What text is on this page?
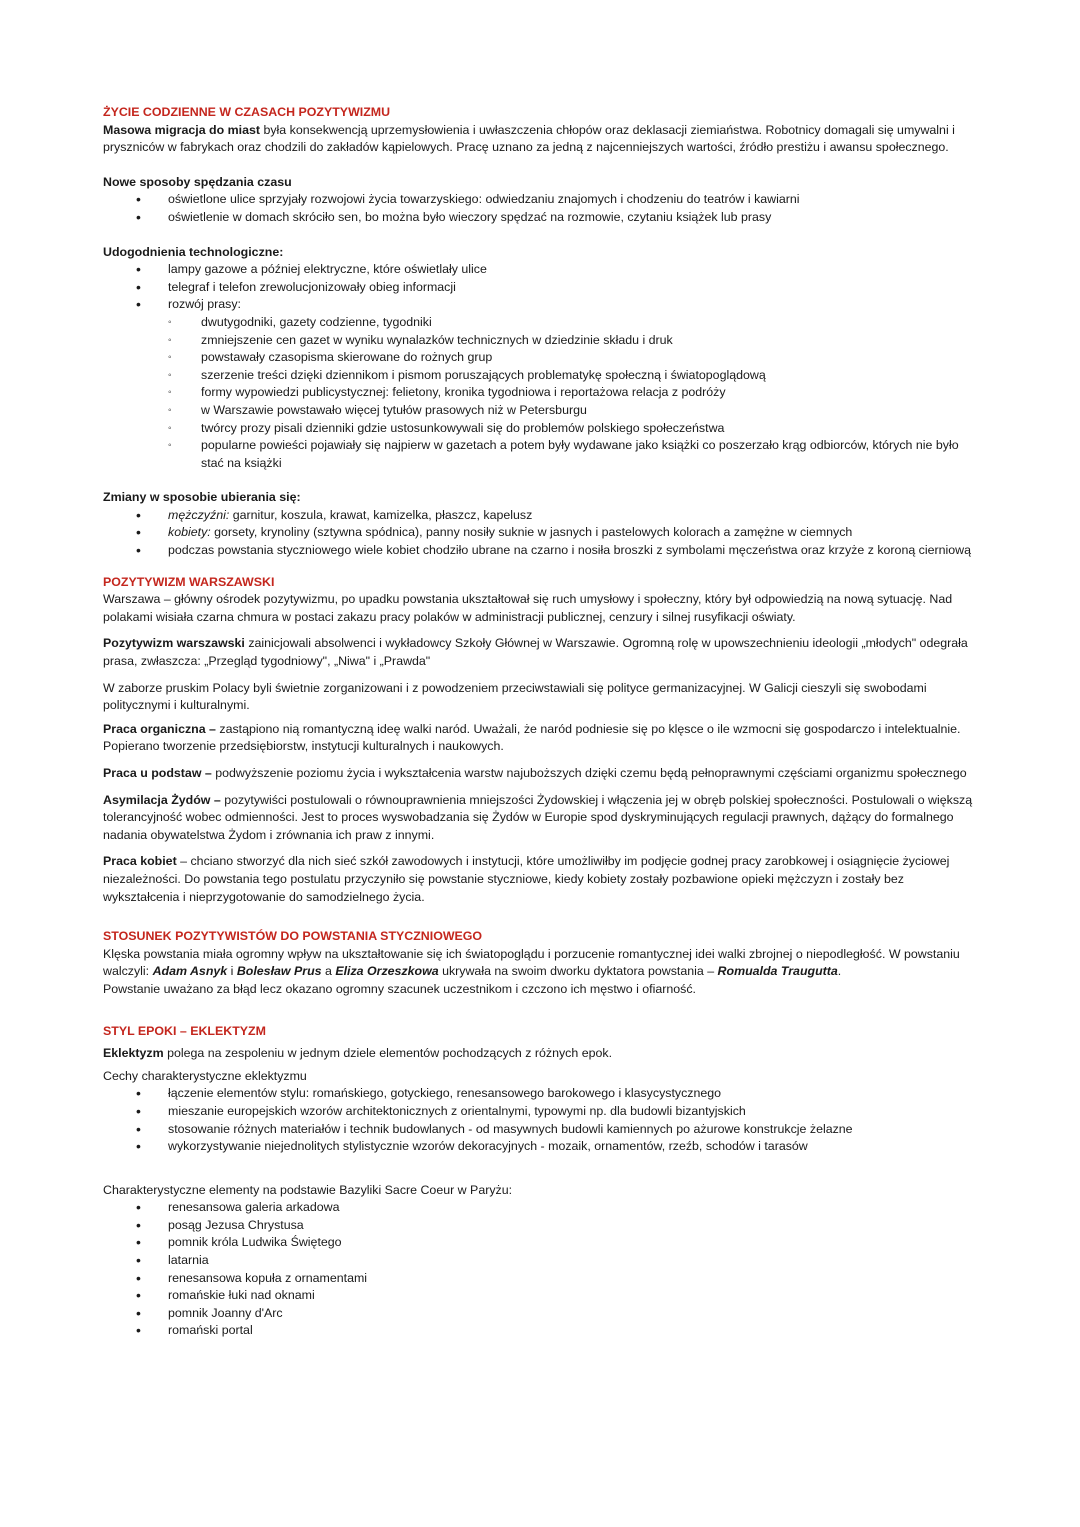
ŻYCIE CODZIENNE W CZASACH POZYTYWIZMU

Masowa migracja do miast była konsekwencją uprzemysłowienia i uwłaszczenia chłopów oraz deklasacji ziemiaństwa. Robotnicy domagali się umywalni i pryszniców w fabrykach oraz chodzili do zakładów kąpielowych. Pracę uznano za jedną z najcenniejszych wartości, źródło prestiżu i awansu społecznego.

Nowe sposoby spędzania czasu

• oświetlone ulice sprzyjały rozwojowi życia towarzyskiego: odwiedzaniu znajomych i chodzeniu do teatrów i kawiarni
• oświetlenie w domach skróciło sen, bo można było wieczory spędzać na rozmowie, czytaniu książek lub prasy

Udogodnienia technologiczne:

• lampy gazowe a później elektryczne, które oświetlały ulice
• telegraf i telefon zrewolucjonizowały obieg informacji
• rozwój prasy:
◦ dwutygodniki, gazety codzienne, tygodniki
◦ zmniejszenie cen gazet w wyniku wynalazków technicznych w dziedzinie składu i druk
◦ powstawały czasopisma skierowane do rożnych grup
◦ szerzenie treści dzięki dziennikom i pismom poruszających problematykę społeczną i światopoglądową
◦ formy wypowiedzi publicystycznej: felietony, kronika tygodniowa i reportażowa relacja z podróży
◦ w Warszawie powstawało więcej tytułów prasowych niż w Petersburgu
◦ twórcy prozy pisali dzienniki gdzie ustosunkowywali się do problemów polskiego społeczeństwa
◦ popularne powieści pojawiały się najpierw w gazetach a potem były wydawane jako książki co poszerzało krąg odbiorców, których nie było stać na książki

Zmiany w sposobie ubierania się:

• mężczyźni: garnitur, koszula, krawat, kamizelka, płaszcz, kapelusz
• kobiety: gorsety, krynoliny (sztywna spódnica), panny nosiły suknie w jasnych i pastelowych kolorach a zamężne w ciemnych
• podczas powstania styczniowego wiele kobiet chodziło ubrane na czarno i nosiła broszki z symbolami męczeństwa oraz krzyże z koroną cierniową

POZYTYWIZM WARSZAWSKI

Warszawa – główny ośrodek pozytywizmu, po upadku powstania ukształtował się ruch umysłowy i społeczny, który był odpowiedzią na nową sytuację. Nad polakami wisiała czarna chmura w postaci zakazu pracy polaków w administracji publicznej, cenzury i silnej rusyfikacji oświaty.

Pozytywizm warszawski zainicjowali absolwenci i wykładowcy Szkoły Głównej w Warszawie. Ogromną rolę w upowszechnieniu ideologii „młodych" odegrała prasa, zwłaszcza: „Przegląd tygodniowy", „Niwa" i „Prawda"

W zaborze pruskim Polacy byli świetnie zorganizowani i z powodzeniem przeciwstawiali się polityce germanizacyjnej. W Galicji cieszyli się swobodami politycznymi i kulturalnymi.

Praca organiczna – zastąpiono nią romantyczną ideę walki naród. Uważali, że naród podniesie się po klęsce o ile wzmocni się gospodarczo i intelektualnie. Popierano tworzenie przedsiębiorstw, instytucji kulturalnych i naukowych.

Praca u podstaw – podwyższenie poziomu życia i wykształcenia warstw najuboższych dzięki czemu będą pełnoprawnymi częściami organizmu społecznego

Asymilacja Żydów – pozytywiści postulowali o równouprawnienia mniejszości Żydowskiej i włączenia jej w obręb polskiej społeczności. Postulowali o większą tolerancyjność wobec odmienności. Jest to proces wyswobadzania się Żydów w Europie spod dyskryminujących regulacji prawnych, dążący do formalnego nadania obywatelstwa Żydom i zrównania ich praw z innymi.

Praca kobiet – chciano stworzyć dla nich sieć szkół zawodowych i instytucji, które umożliwiłby im podjęcie godnej pracy zarobkowej i osiągnięcie życiowej niezależności. Do powstania tego postulatu przyczyniło się powstanie styczniowe, kiedy kobiety zostały pozbawione opieki mężczyzn i zostały bez wykształcenia i nieprzygotowanie do samodzielnego życia.

STOSUNEK POZYTYWISTÓW DO POWSTANIA STYCZNIOWEGO

Klęska powstania miała ogromny wpływ na ukształtowanie się ich światopoglądu i porzucenie romantycznej idei walki zbrojnej o niepodległość. W powstaniu walczyli: Adam Asnyk i Bolesław Prus a Eliza Orzeszkowa ukrywała na swoim dworku dyktatora powstania – Romualda Traugutta.
Powstanie uważano za błąd lecz okazano ogromny szacunek uczestnikom i czczono ich męstwo i ofiarność.

STYL EPOKI – EKLEKTYZM

Eklektyzm polega na zespoleniu w jednym dziele elementów pochodzących z różnych epok.

Cechy charakterystyczne eklektyzmu

• łączenie elementów stylu: romańskiego, gotyckiego, renesansowego barokowego i klasycystycznego
• mieszanie europejskich wzorów architektonicznych z orientalnymi, typowymi np. dla budowli bizantyjskich
• stosowanie różnych materiałów i technik budowlanych - od masywnych budowli kamiennych po ażurowe konstrukcje żelazne
• wykorzystywanie niejednolitych stylistycznie wzorów dekoracyjnych - mozaik, ornamentów, rzeźb, schodów i tarasów

Charakterystyczne elementy na podstawie Bazyliki Sacre Coeur w Paryżu:

• renesansowa galeria arkadowa
• posąg Jezusa Chrystusa
• pomnik króla Ludwika Świętego
• latarnia
• renesansowa kopuła z ornamentami
• romańskie łuki nad oknami
• pomnik Joanny d'Arc
• romański portal
